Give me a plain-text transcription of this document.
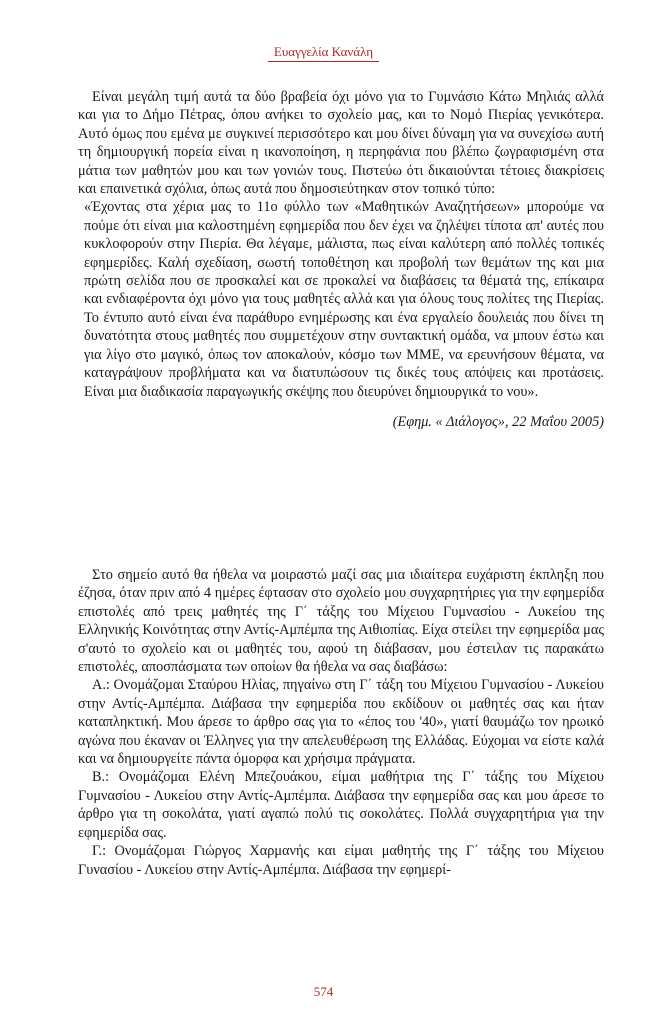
Ευαγγελία Κανάλη

Είναι μεγάλη τιμή αυτά τα δύο βραβεία όχι μόνο για το Γυμνάσιο Κάτω Μηλιάς αλλά και για το Δήμο Πέτρας, όπου ανήκει το σχολείο μας, και το Νομό Πιερίας γενικότερα. Αυτό όμως που εμένα με συγκινεί περισσότερο και μου δίνει δύναμη για να συνεχίσω αυτή τη δημιουργική πορεία είναι η ικανοποίηση, η περηφάνια που βλέπω ζωγραφισμένη στα μάτια των μαθητών μου και των γονιών τους. Πιστεύω ότι δικαιούνται τέτοιες διακρίσεις και επαινετικά σχόλια, όπως αυτά που δημοσιεύτηκαν στον τοπικό τύπο:

«Έχοντας στα χέρια μας το 11ο φύλλο των «Μαθητικών Αναζητήσεων» μπορούμε να πούμε ότι είναι μια καλοστημένη εφημερίδα που δεν έχει να ζηλέψει τίποτα απ' αυτές που κυκλοφορούν στην Πιερία. Θα λέγαμε, μάλιστα, πως είναι καλύτερη από πολλές τοπικές εφημερίδες. Καλή σχεδίαση, σωστή τοποθέτηση και προβολή των θεμάτων της και μια πρώτη σελίδα που σε προσκαλεί και σε προκαλεί να διαβάσεις τα θέματά της, επίκαιρα και ενδιαφέροντα όχι μόνο για τους μαθητές αλλά και για όλους τους πολίτες της Πιερίας. Το έντυπο αυτό είναι ένα παράθυρο ενημέρωσης και ένα εργαλείο δουλειάς που δίνει τη δυνατότητα στους μαθητές που συμμετέχουν στην συντακτική ομάδα, να μπουν έστω και για λίγο στο μαγικό, όπως τον αποκαλούν, κόσμο των ΜΜΕ, να ερευνήσουν θέματα, να καταγράψουν προβλήματα και να διατυπώσουν τις δικές τους απόψεις και προτάσεις. Είναι μια διαδικασία παραγωγικής σκέψης που διευρύνει δημιουργικά το νου».

(Εφημ. « Διάλογος», 22 Μαΐου 2005)

Στο σημείο αυτό θα ήθελα να μοιραστώ μαζί σας μια ιδιαίτερα ευχάριστη έκπληξη που έζησα, όταν πριν από 4 ημέρες έφτασαν στο σχολείο μου συγχαρητήριες για την εφημερίδα επιστολές από τρεις μαθητές της Γ΄ τάξης του Μίχειου Γυμνασίου - Λυκείου της Ελληνικής Κοινότητας στην Αντίς-Αμπέμπα της Αιθιοπίας. Είχα στείλει την εφημερίδα μας σ'αυτό το σχολείο και οι μαθητές του, αφού τη διάβασαν, μου έστειλαν τις παρακάτω επιστολές, αποσπάσματα των οποίων θα ήθελα να σας διαβάσω:

Α.: Ονομάζομαι Σταύρου Ηλίας, πηγαίνω στη Γ΄ τάξη του Μίχειου Γυμνασίου - Λυκείου στην Αντίς-Αμπέμπα. Διάβασα την εφημερίδα που εκδίδουν οι μαθητές σας και ήταν καταπληκτική. Μου άρεσε το άρθρο σας για το «έπος του '40», γιατί θαυμάζω τον ηρωικό αγώνα που έκαναν οι Έλληνες για την απελευθέρωση της Ελλάδας. Εύχομαι να είστε καλά και να δημιουργείτε πάντα όμορφα και χρήσιμα πράγματα.

Β.: Ονομάζομαι Ελένη Μπεζουάκου, είμαι μαθήτρια της Γ΄ τάξης του Μίχειου Γυμνασίου - Λυκείου στην Αντίς-Αμπέμπα. Διάβασα την εφημερίδα σας και μου άρεσε το άρθρο για τη σοκολάτα, γιατί αγαπώ πολύ τις σοκολάτες. Πολλά συγχαρητήρια για την εφημερίδα σας.

Γ.: Ονομάζομαι Γιώργος Χαρμανής και είμαι μαθητής της Γ΄ τάξης του Μίχειου Γυνασίου - Λυκείου στην Αντίς-Αμπέμπα. Διάβασα την εφημερί-

574
